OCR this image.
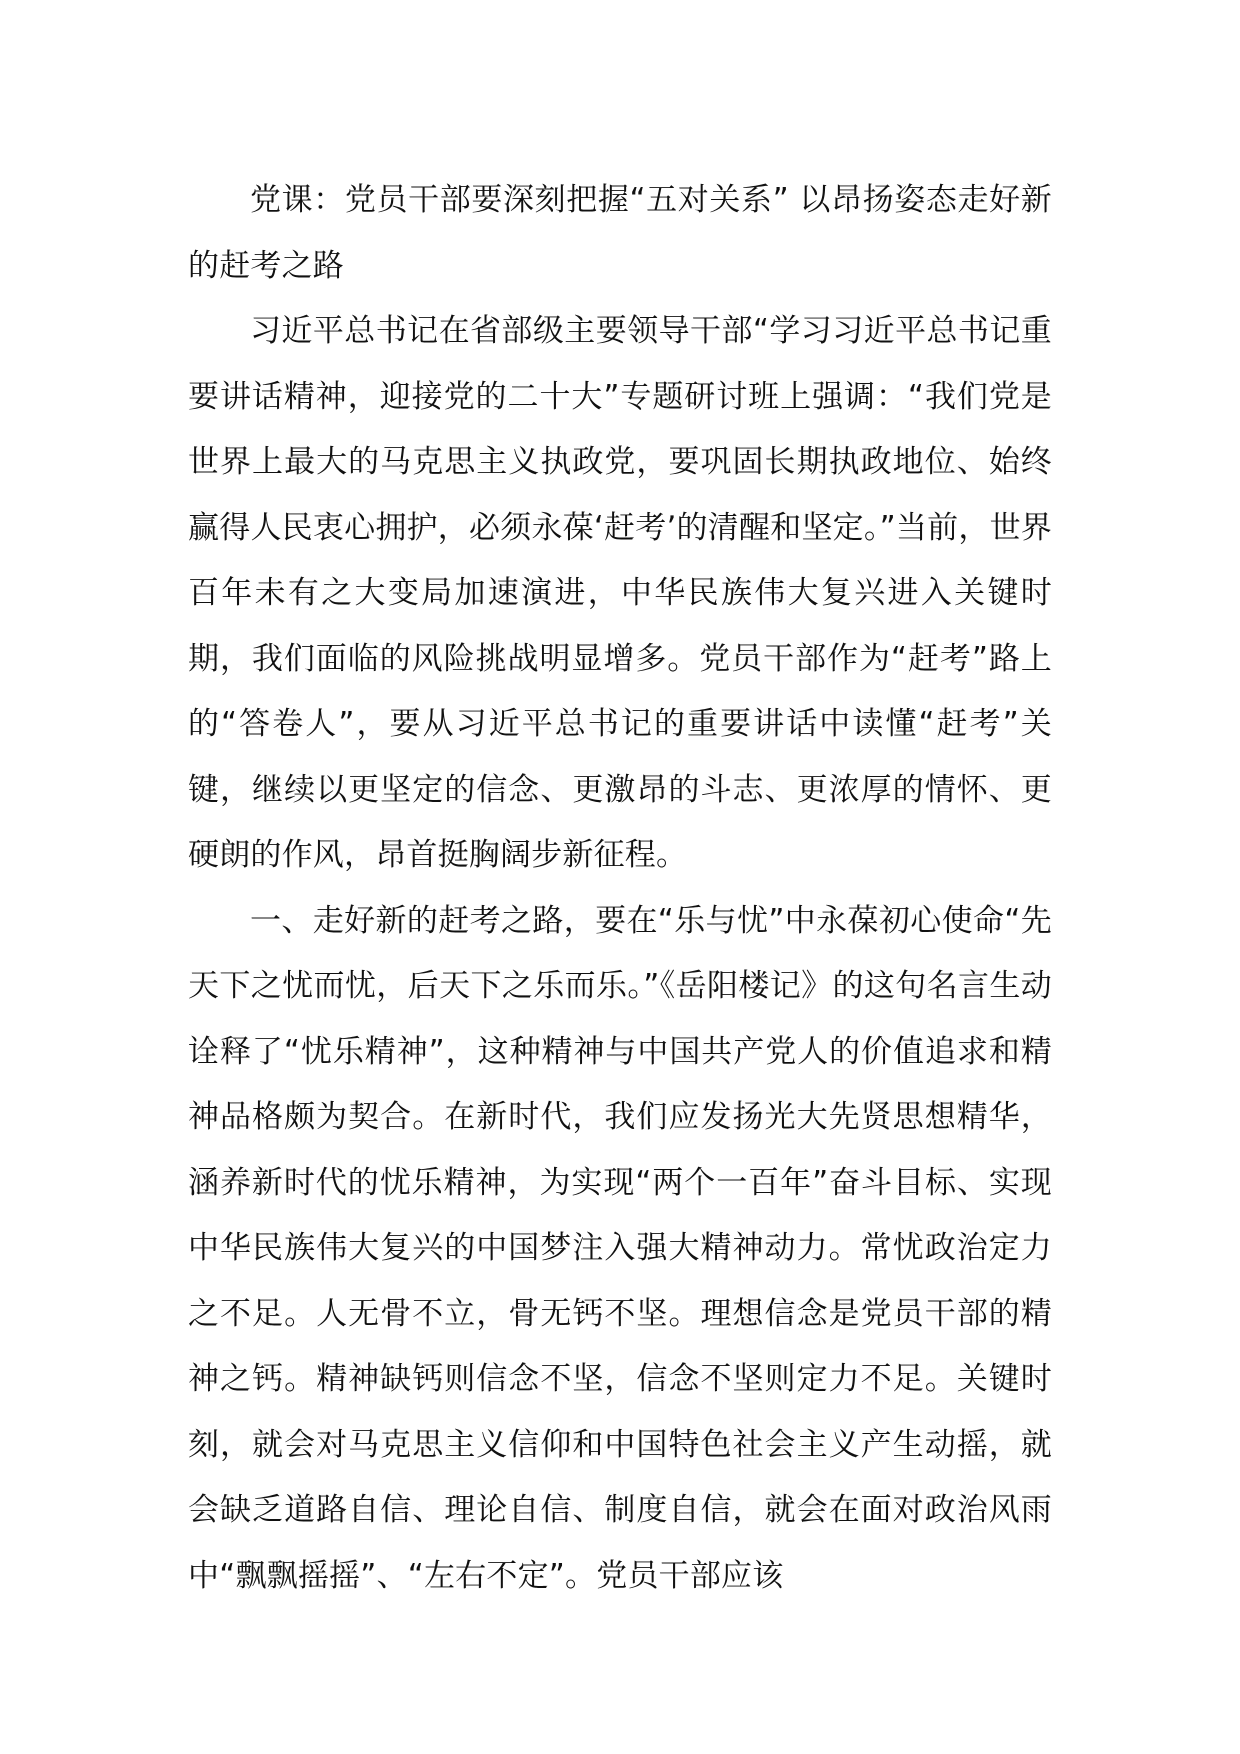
党课：党员干部要深刻把握“五对关系” 以昂扬姿态走好新的赶考之路

习近平总书记在省部级主要领导干部“学习习近平总书记重要讲话精神，迎接党的二十大”专题研讨班上强调：“我们党是世界上最大的马克思主义执政党，要巩固长期执政地位、始终赢得人民衷心拥护，必须永葆‘赶考’的清醒和坚定。”当前，世界百年未有之大变局加速演进，中华民族伟大复兴进入关键时期，我们面临的风险挑战明显增多。党员干部作为“赶考”路上的“答卷人”，要从习近平总书记的重要讲话中读懂“赶考”关键，继续以更坚定的信念、更激昂的斗志、更浓厚的情怀、更硬朗的作风，昂首挺胸阔步新征程。

一、走好新的赶考之路，要在“乐与忧”中永葆初心使命“先天下之忧而忧，后天下之乐而乐。”《岳阳楼记》的这句名言生动诠释了“忧乐精神”，这种精神与中国共产党人的价值追求和精神品格颇为契合。在新时代，我们应发扬光大先贤思想精华，涵养新时代的忧乐精神，为实现“两个一百年”奋斗目标、实现中华民族伟大复兴的中国梦注入强大精神动力。常忧政治定力之不足。人无骨不立，骨无钙不坚。理想信念是党员干部的精神之钙。精神缺钙则信念不坚，信念不坚则定力不足。关键时刻，就会对马克思主义信仰和中国特色社会主义产生动摇，就会缺乏道路自信、理论自信、制度自信，就会在面对政治风雨中“飘飘摇摇”、“左右不定”。党员干部应该
